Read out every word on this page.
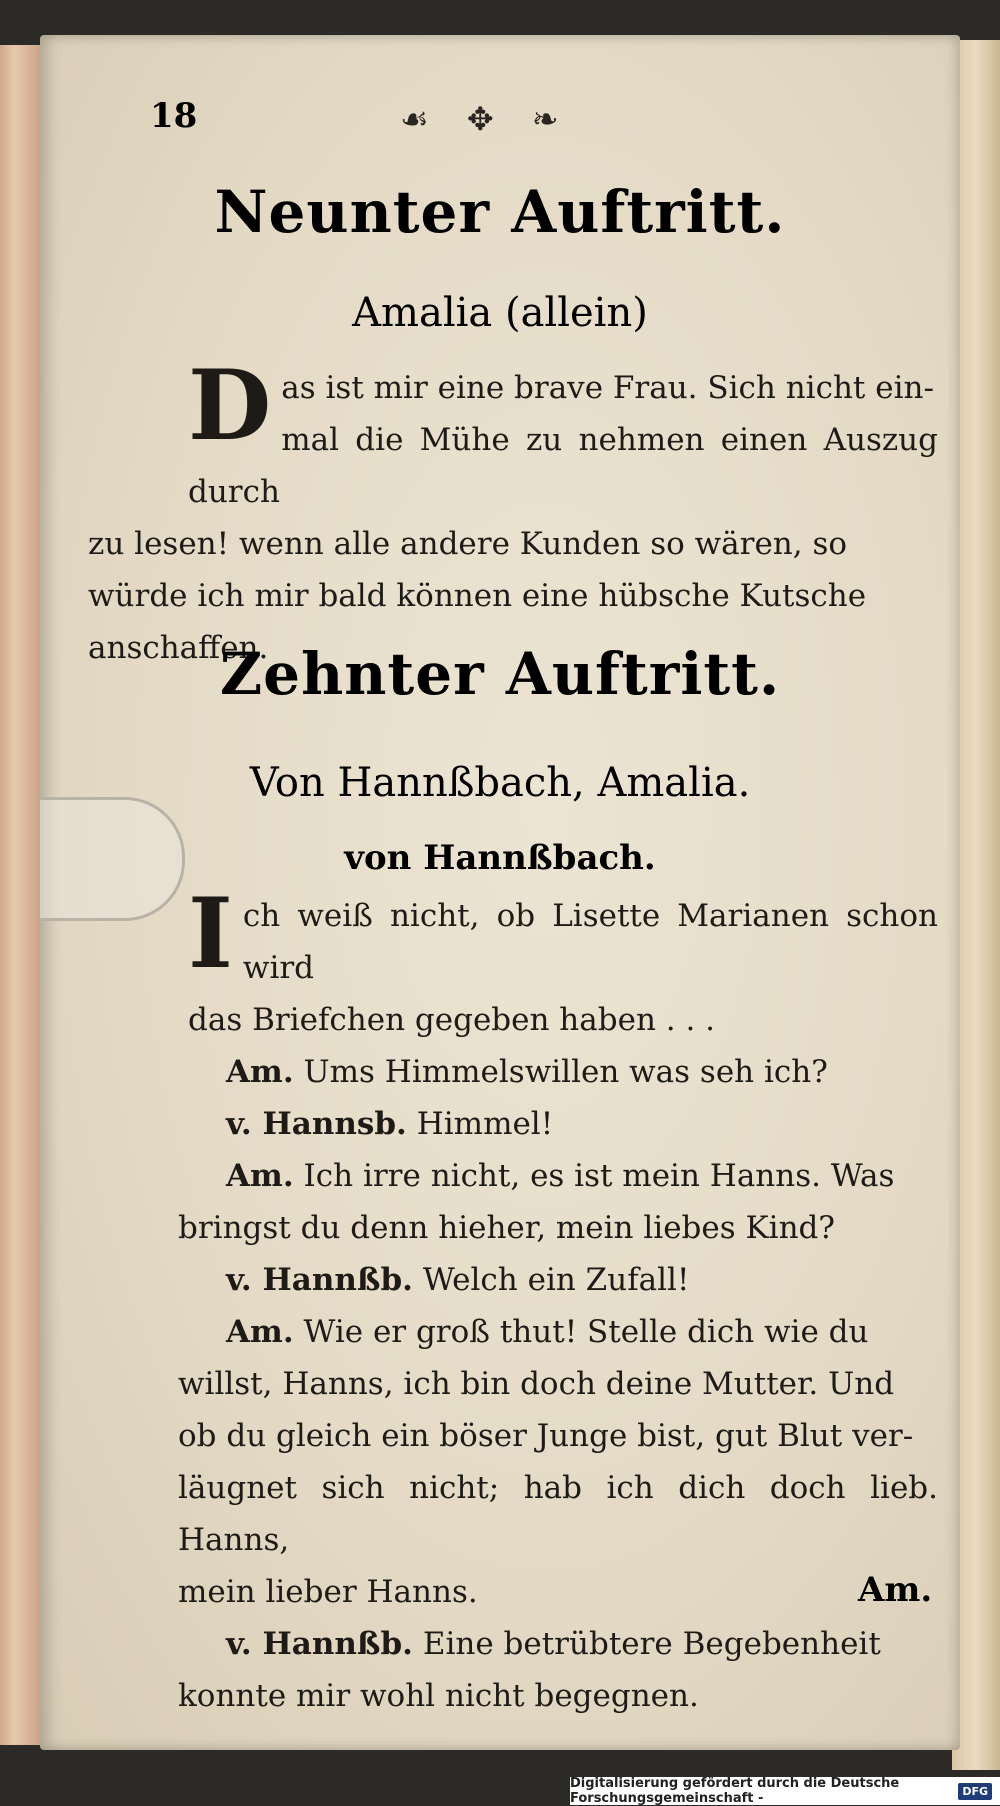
18	☙ ✥ ❧
Neunter Auftritt.
Amalia (allein)
D as ist mir eine brave Frau. Sich nicht ein-
mal die Mühe zu nehmen einen Auszug durch
zu lesen! wenn alle andere Kunden so wären, so
würde ich mir bald können eine hübsche Kutsche
anschaffen.
Zehnter Auftritt.
Von Hannßbach, Amalia.
von Hannßbach.
I ch weiß nicht, ob Lisette Marianen schon wird
das Briefchen gegeben haben . . .
Am. Ums Himmelswillen was seh ich?
v. Hannsb. Himmel!
Am. Ich irre nicht, es ist mein Hanns. Was
bringst du denn hieher, mein liebes Kind?
v. Hannßb. Welch ein Zufall!
Am. Wie er groß thut! Stelle dich wie du
willst, Hanns, ich bin doch deine Mutter. Und
ob du gleich ein böser Junge bist, gut Blut ver-
läugnet sich nicht; hab ich dich doch lieb. Hanns,
mein lieber Hanns.
v. Hannßb. Eine betrübtere Begebenheit
konnte mir wohl nicht begegnen.
Am.
Digitalisierung gefördert durch die Deutsche Forschungsgemeinschaft -	DFG
